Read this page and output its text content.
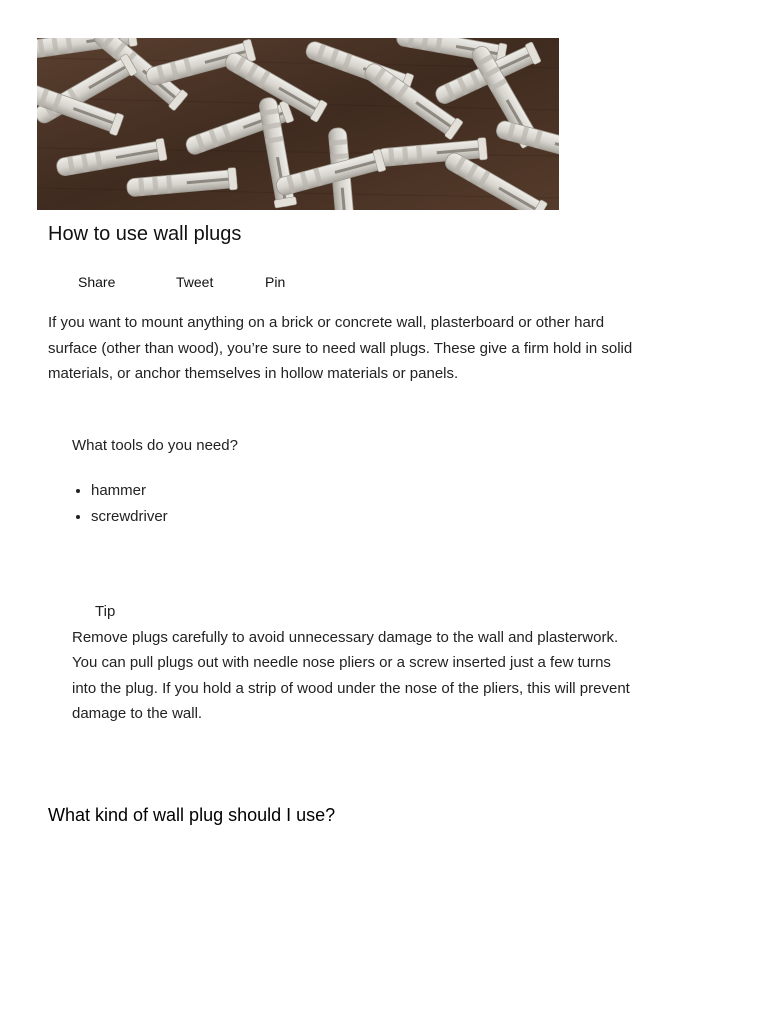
How to use wall plugs
Share	Tweet	Pin

If you want to mount anything on a brick or concrete wall, plasterboard or other hard surface (other than wood), you’re sure to need wall plugs. These give a firm hold in solid materials, or anchor themselves in hollow materials or panels.

What tools do you need?

• hammer
• screwdriver
Tip

Remove plugs carefully to avoid unnecessary damage to the wall and plasterwork. You can pull plugs out with needle nose pliers or a screw inserted just a few turns into the plug. If you hold a strip of wood under the nose of the pliers, this will prevent damage to the wall.

What kind of wall plug should I use?
